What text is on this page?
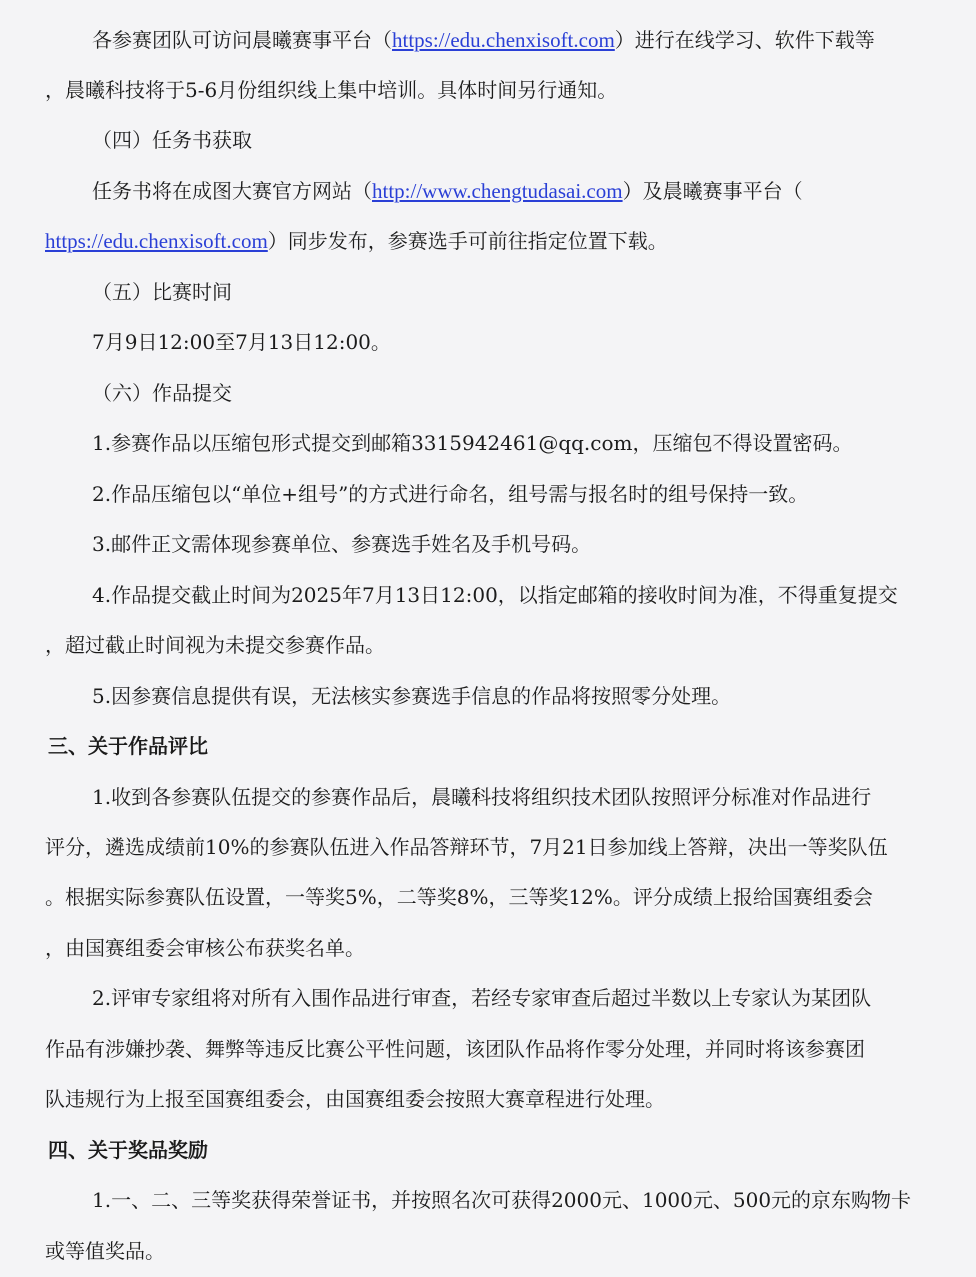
各参赛团队可访问晨曦赛事平台（https://edu.chenxisoft.com）进行在线学习、软件下载等
，晨曦科技将于5-6月份组织线上集中培训。具体时间另行通知。
（四）任务书获取
任务书将在成图大赛官方网站（http://www.chengtudasai.com）及晨曦赛事平台（
https://edu.chenxisoft.com）同步发布，参赛选手可前往指定位置下载。
（五）比赛时间
7月9日12:00至7月13日12:00。
（六）作品提交
1.参赛作品以压缩包形式提交到邮箱3315942461@qq.com，压缩包不得设置密码。
2.作品压缩包以“单位+组号”的方式进行命名，组号需与报名时的组号保持一致。
3.邮件正文需体现参赛单位、参赛选手姓名及手机号码。
4.作品提交截止时间为2025年7月13日12:00，以指定邮箱的接收时间为准，不得重复提交
，超过截止时间视为未提交参赛作品。
5.因参赛信息提供有误，无法核实参赛选手信息的作品将按照零分处理。
三、关于作品评比
1.收到各参赛队伍提交的参赛作品后，晨曦科技将组织技术团队按照评分标准对作品进行
评分，遴选成绩前10%的参赛队伍进入作品答辩环节，7月21日参加线上答辩，决出一等奖队伍
。根据实际参赛队伍设置，一等奖5%，二等奖8%，三等奖12%。评分成绩上报给国赛组委会
，由国赛组委会审核公布获奖名单。
2.评审专家组将对所有入围作品进行审查，若经专家审查后超过半数以上专家认为某团队
作品有涉嫌抄袭、舞弊等违反比赛公平性问题，该团队作品将作零分处理，并同时将该参赛团
队违规行为上报至国赛组委会，由国赛组委会按照大赛章程进行处理。
四、关于奖品奖励
1.一、二、三等奖获得荣誉证书，并按照名次可获得2000元、1000元、500元的京东购物卡
或等值奖品。
